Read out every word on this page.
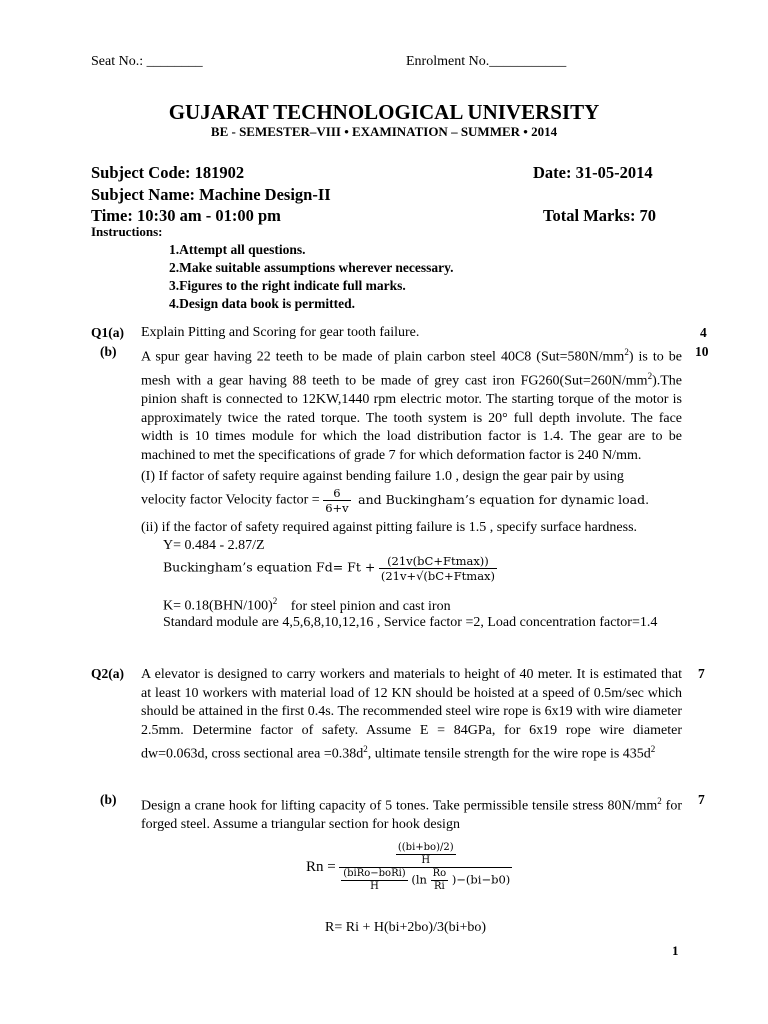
Seat No.: ________	Enrolment No.___________
GUJARAT TECHNOLOGICAL UNIVERSITY
BE - SEMESTER–VIII • EXAMINATION – SUMMER • 2014
Subject Code: 181902	Date: 31-05-2014
Subject Name: Machine Design-II
Time: 10:30 am - 01:00 pm	Total Marks: 70
Instructions:
1.Attempt all questions.
2.Make suitable assumptions wherever necessary.
3.Figures to the right indicate full marks.
4.Design data book is permitted.
Q1(a) Explain Pitting and Scoring for gear tooth failure.	4
(b)	10

A spur gear having 22 teeth to be made of plain carbon steel 40C8 $(Sut=580N/mm^2)$ is to be mesh with a gear having 88 teeth to be made of grey cast iron $FG260(Sut=260N/mm^2).The$ pinion shaft is connected to 12KW,1440 rpm electric motor. The starting torque of the motor is approximately twice the rated torque. The tooth system is 20° full depth involute. The face width is 10 times module for which the load distribution factor is 1.4. The gear are to be machined to met the specifications of grade 7 for which deformation factor is 240 N/mm.

(I) If factor of safety require against bending failure 1.0 , design the gear pair by using
velocity factor Velocity factor = $\frac{6}{6+v}$ and Buckingham’s equation for dynamic load.
(ii) if the factor of safety required against pitting failure is 1.5 , specify surface hardness.
Y= 0.484 - 2.87/Z
Buckingham’s equation $Fd= Ft + \frac{(21v(bC+Ftmax))}{(21v+√(bC+Ftmax)}$
$K= 0.18(BHN/100)^2$ for steel pinion and cast iron

Standard module are 4,5,6,8,10,12,16 , Service factor =2, Load concentration factor=1.4

Q2(a)	7

A elevator is designed to carry workers and materials to height of 40 meter. It is estimated that at least 10 workers with material load of 12 KN should be hoisted at a speed of 0.5m/sec which should be attained in the first 0.4s. The recommended steel wire rope is 6x19 with wire diameter 2.5mm. Determine factor of safety. Assume E = 84GPa, for 6x19 rope wire diameter dw=0.063d, cross sectional area $=0.38d^2$, ultimate tensile strength for the wire rope is $435d^2$

(b)	7

Design a crane hook for lifting capacity of 5 tones. Take permissible tensile stress $80N/mm^2$ for forged steel. Assume a triangular section for hook design

Rn =	$\frac{((bi+bo)/2)}{H}$
$\frac{\text{(biRo−boRi)}}{H} (\ln \frac{Ro}{Ri} )-(bi-b0)$
R= Ri + H(bi+2bo)/3(bi+bo)
1
